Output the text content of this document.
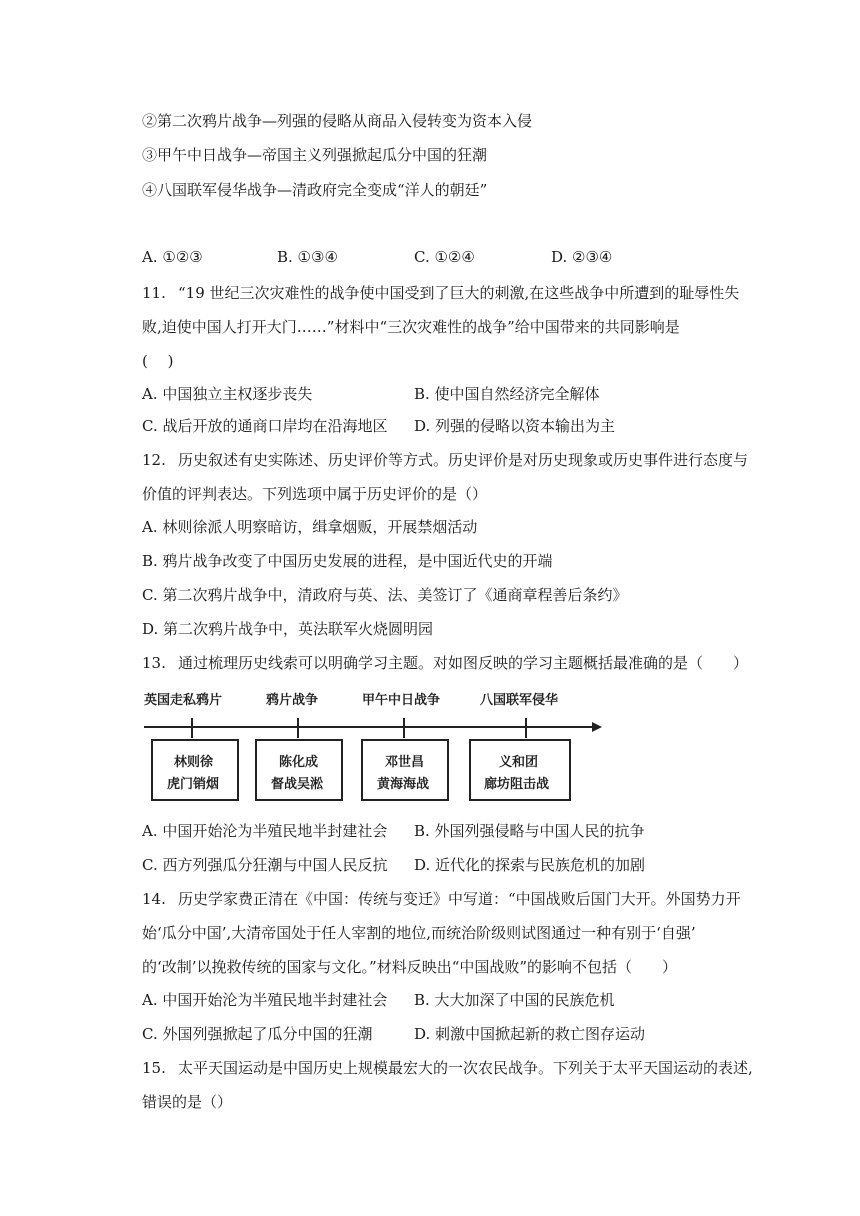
②第二次鸦片战争—列强的侵略从商品入侵转变为资本入侵
③甲午中日战争—帝国主义列强掀起瓜分中国的狂潮
④八国联军侵华战争—清政府完全变成“洋人的朝廷”
A. ①②③	B. ①③④	C. ①②④	D. ②③④
11. “19 世纪三次灾难性的战争使中国受到了巨大的刺激,在这些战争中所遭到的耻辱性失
败,迫使中国人打开大门‥‥‥”材料中“三次灾难性的战争”给中国带来的共同影响是
(　 )
A. 中国独立主权逐步丧失	B. 使中国自然经济完全解体
C. 战后开放的通商口岸均在沿海地区 D. 列强的侵略以资本输出为主
12. 历史叙述有史实陈述、历史评价等方式。历史评价是对历史现象或历史事件进行态度与
价值的评判表达。下列选项中属于历史评价的是（）
A. 林则徐派人明察暗访，缉拿烟贩，开展禁烟活动
B. 鸦片战争改变了中国历史发展的进程，是中国近代史的开端
C. 第二次鸦片战争中，清政府与英、法、美签订了《通商章程善后条约》
D. 第二次鸦片战争中，英法联军火烧圆明园
13. 通过梳理历史线索可以明确学习主题。对如图反映的学习主题概括最准确的是（　　）
英国走私鸦片	鸦片战争	甲午中日战争	八国联军侵华
林则徐
虎门销烟
陈化成
督战吴淞
邓世昌
黄海海战
义和团
廊坊阻击战
A. 中国开始沦为半殖民地半封建社会 B. 外国列强侵略与中国人民的抗争
C. 西方列强瓜分狂潮与中国人民反抗 D. 近代化的探索与民族危机的加剧
14. 历史学家费正清在《中国：传统与变迁》中写道：“中国战败后国门大开。外国势力开
始‘瓜分中国’,大清帝国处于任人宰割的地位,而统治阶级则试图通过一种有别于‘自强’
的‘改制’以挽救传统的国家与文化。”材料反映出“中国战败”的影响不包括（　　）
A. 中国开始沦为半殖民地半封建社会 B. 大大加深了中国的民族危机
C. 外国列强掀起了瓜分中国的狂潮	D. 刺激中国掀起新的救亡图存运动
15. 太平天国运动是中国历史上规模最宏大的一次农民战争。下列关于太平天国运动的表述,
错误的是（）
